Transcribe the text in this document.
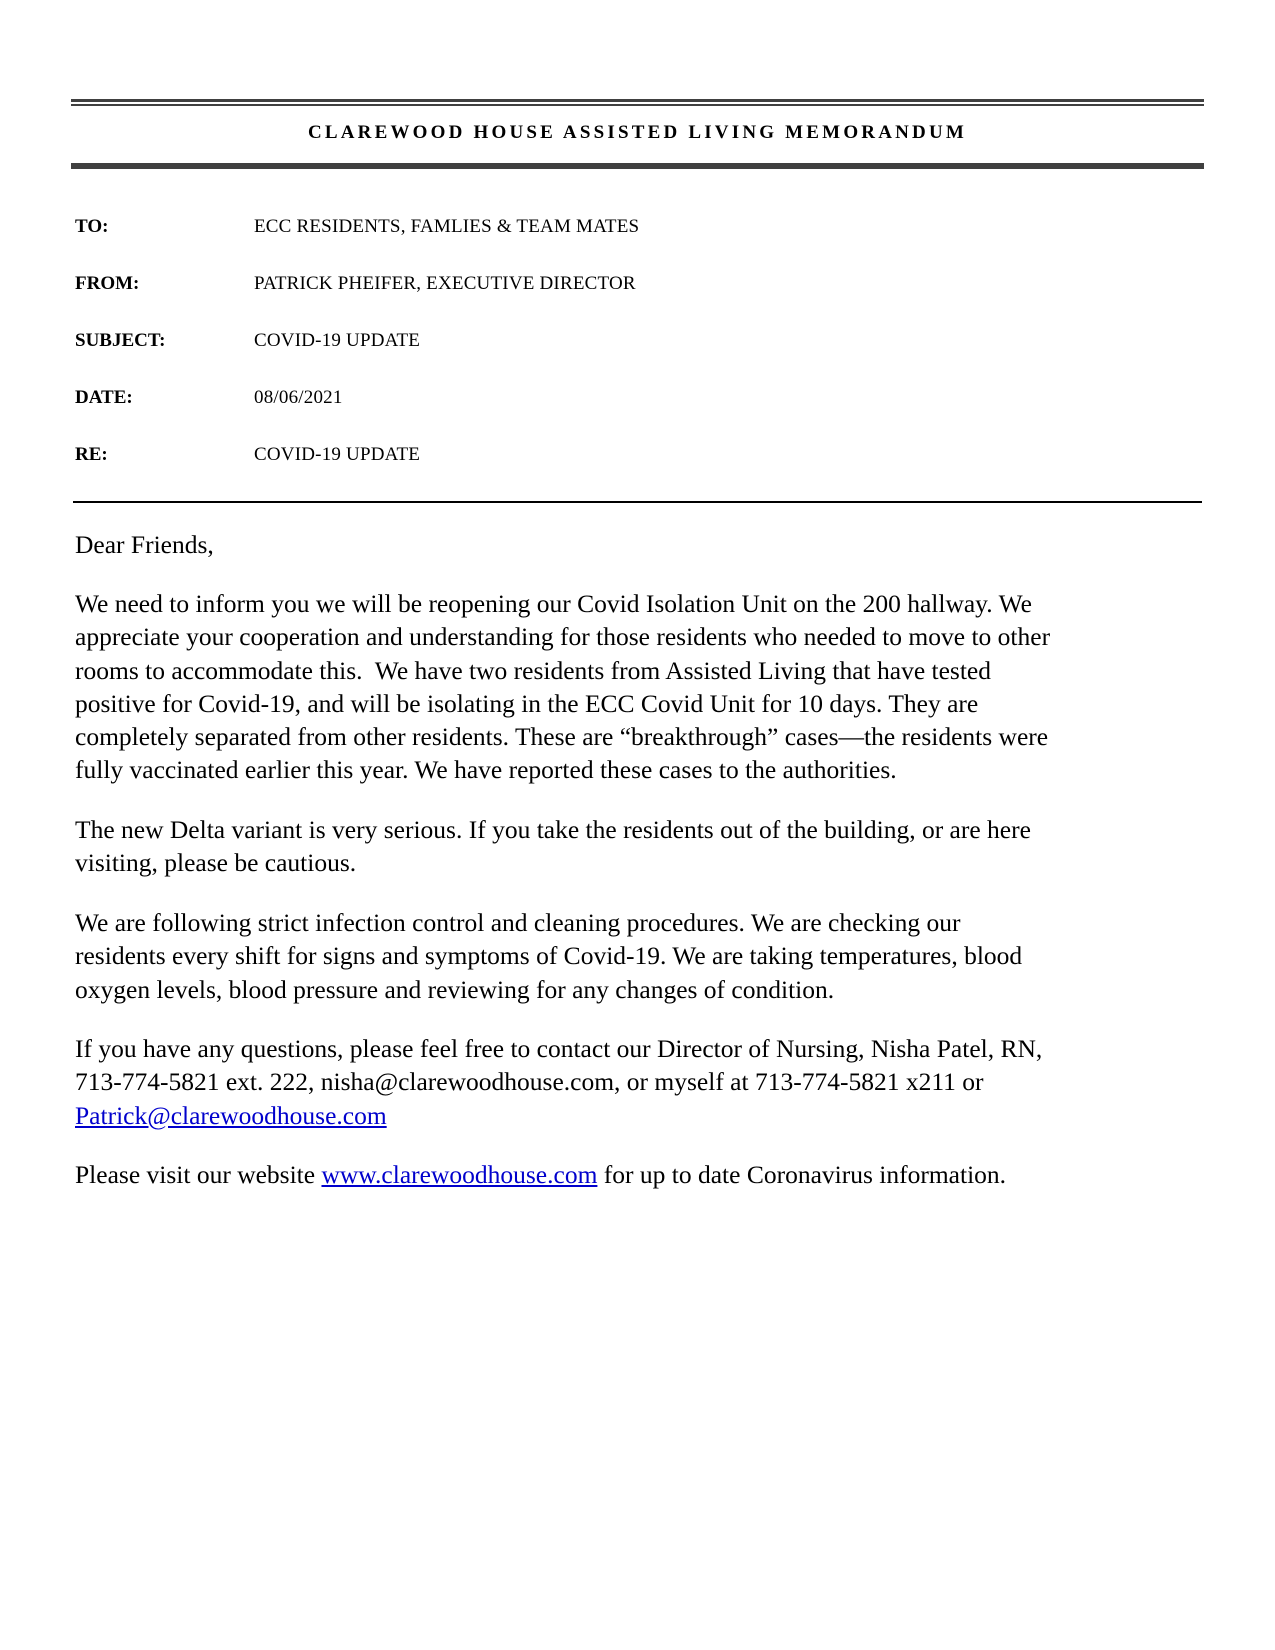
CLAREWOOD HOUSE ASSISTED LIVING MEMORANDUM
TO:	ECC RESIDENTS, FAMLIES & TEAM MATES
FROM:	PATRICK PHEIFER, EXECUTIVE DIRECTOR
SUBJECT:	COVID-19 UPDATE
DATE:	08/06/2021
RE:	COVID-19 UPDATE
Dear Friends,
We need to inform you we will be reopening our Covid Isolation Unit on the 200 hallway. We
appreciate your cooperation and understanding for those residents who needed to move to other
rooms to accommodate this.  We have two residents from Assisted Living that have tested
positive for Covid-19, and will be isolating in the ECC Covid Unit for 10 days. They are
completely separated from other residents. These are “breakthrough” cases—the residents were
fully vaccinated earlier this year. We have reported these cases to the authorities.
The new Delta variant is very serious. If you take the residents out of the building, or are here
visiting, please be cautious.
We are following strict infection control and cleaning procedures. We are checking our
residents every shift for signs and symptoms of Covid-19. We are taking temperatures, blood
oxygen levels, blood pressure and reviewing for any changes of condition.
If you have any questions, please feel free to contact our Director of Nursing, Nisha Patel, RN,
713-774-5821 ext. 222, nisha@clarewoodhouse.com, or myself at 713-774-5821 x211 or
Patrick@clarewoodhouse.com
Please visit our website www.clarewoodhouse.com for up to date Coronavirus information.
